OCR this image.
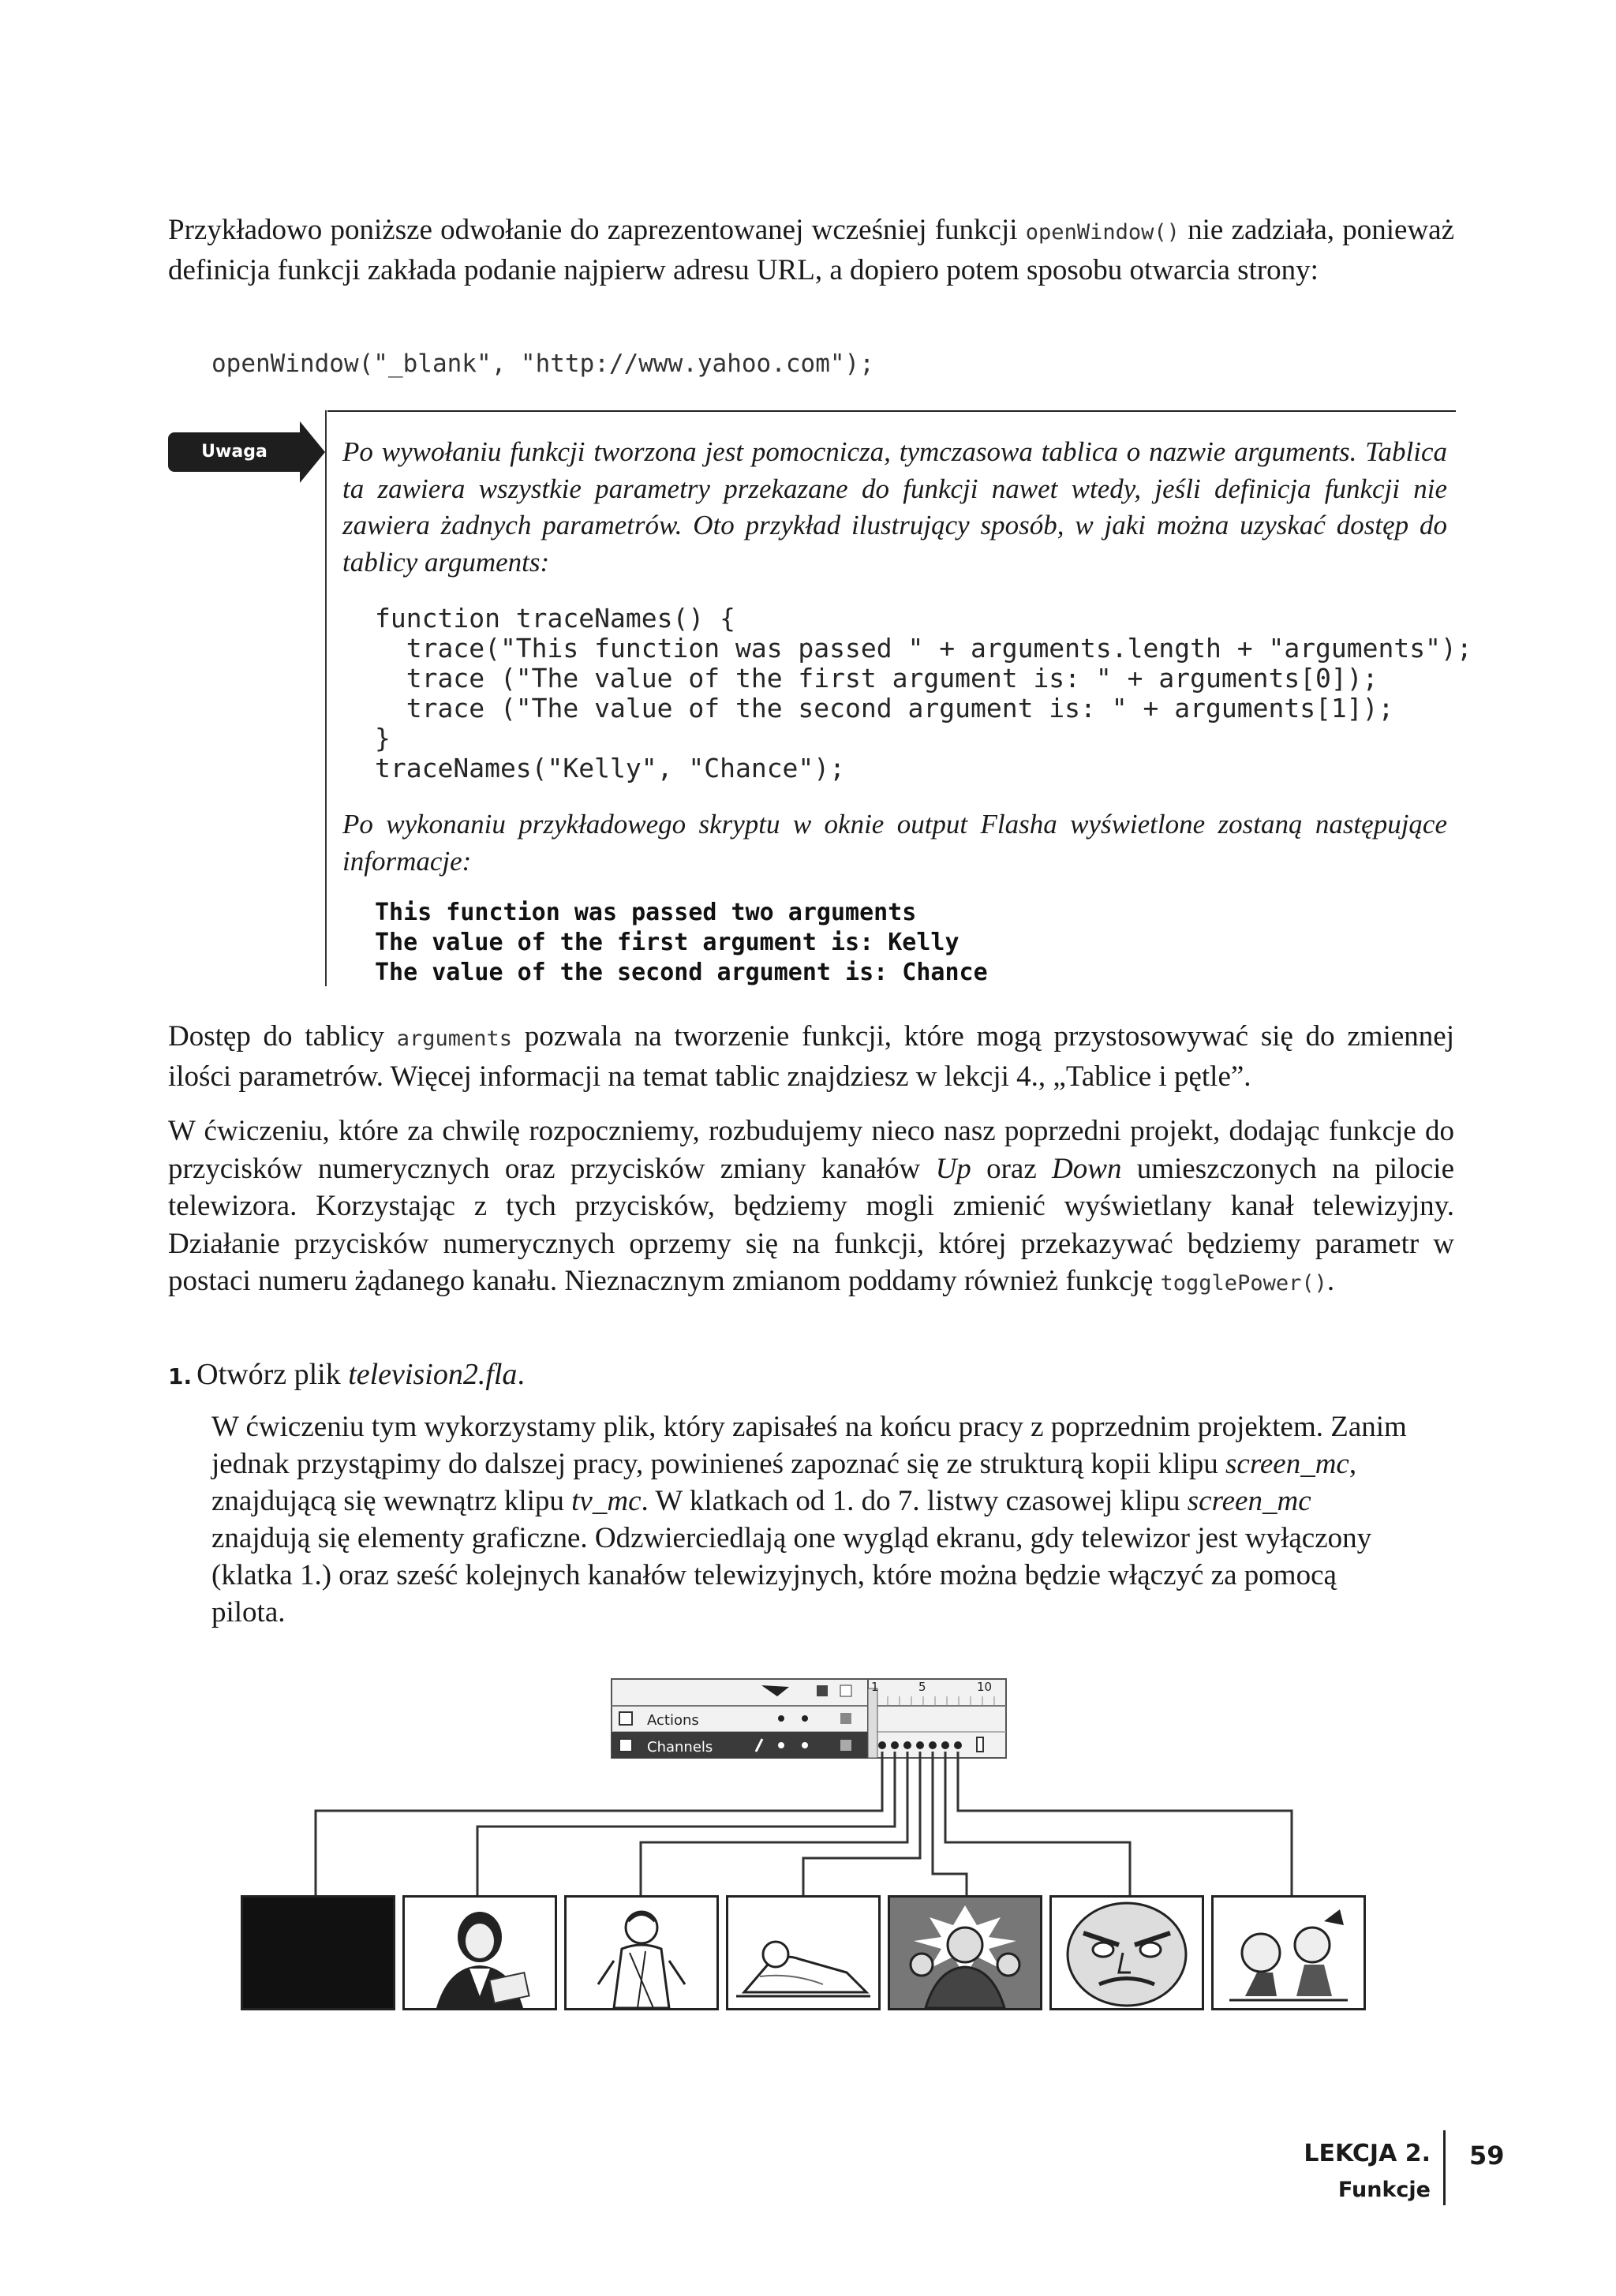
Przykładowo poniższe odwołanie do zaprezentowanej wcześniej funkcji openWindow() nie zadziała, ponieważ definicja funkcji zakłada podanie najpierw adresu URL, a dopiero potem sposobu otwarcia strony:

openWindow("_blank", "http://www.yahoo.com");
Uwaga	Po wywołaniu funkcji tworzona jest pomocnicza, tymczasowa tablica o nazwie arguments. Tablica ta zawiera wszystkie parametry przekazane do funkcji nawet wtedy, jeśli definicja funkcji nie zawiera żadnych parametrów. Oto przykład ilustrujący sposób, w jaki można uzyskać dostęp do tablicy arguments:

function traceNames() {
trace("This function was passed " + arguments.length + "arguments");
trace ("The value of the first argument is: " + arguments[0]);
trace ("The value of the second argument is: " + arguments[1]);
}
traceNames("Kelly", "Chance");

Po wykonaniu przykładowego skryptu w oknie output Flasha wyświetlone zostaną następujące informacje:

This function was passed two arguments
The value of the first argument is: Kelly
The value of the second argument is: Chance

Dostęp do tablicy arguments pozwala na tworzenie funkcji, które mogą przystosowywać się do zmiennej ilości parametrów. Więcej informacji na temat tablic znajdziesz w lekcji 4., „Tablice i pętle”.

W ćwiczeniu, które za chwilę rozpoczniemy, rozbudujemy nieco nasz poprzedni projekt, dodając funkcje do przycisków numerycznych oraz przycisków zmiany kanałów Up oraz Down umieszczonych na pilocie telewizora. Korzystając z tych przycisków, będziemy mogli zmienić wyświetlany kanał telewizyjny. Działanie przycisków numerycznych oprzemy się na funkcji, której przekazywać będziemy parametr w postaci numeru żądanego kanału. Nieznacznym zmianom poddamy również funkcję togglePower().

1. Otwórz plik television2.fla.

W ćwiczeniu tym wykorzystamy plik, który zapisałeś na końcu pracy z poprzednim projektem. Zanim jednak przystąpimy do dalszej pracy, powinieneś zapoznać się ze strukturą kopii klipu screen_mc, znajdującą się wewnątrz klipu tv_mc. W klatkach od 1. do 7. listwy czasowej klipu screen_mc znajdują się elementy graficzne. Odzwierciedlają one wygląd ekranu, gdy telewizor jest wyłączony (klatka 1.) oraz sześć kolejnych kanałów telewizyjnych, które można będzie włączyć za pomocą pilota.

Actions
Channels
1	5	10
LEKCJA 2.
Funkcje
59
